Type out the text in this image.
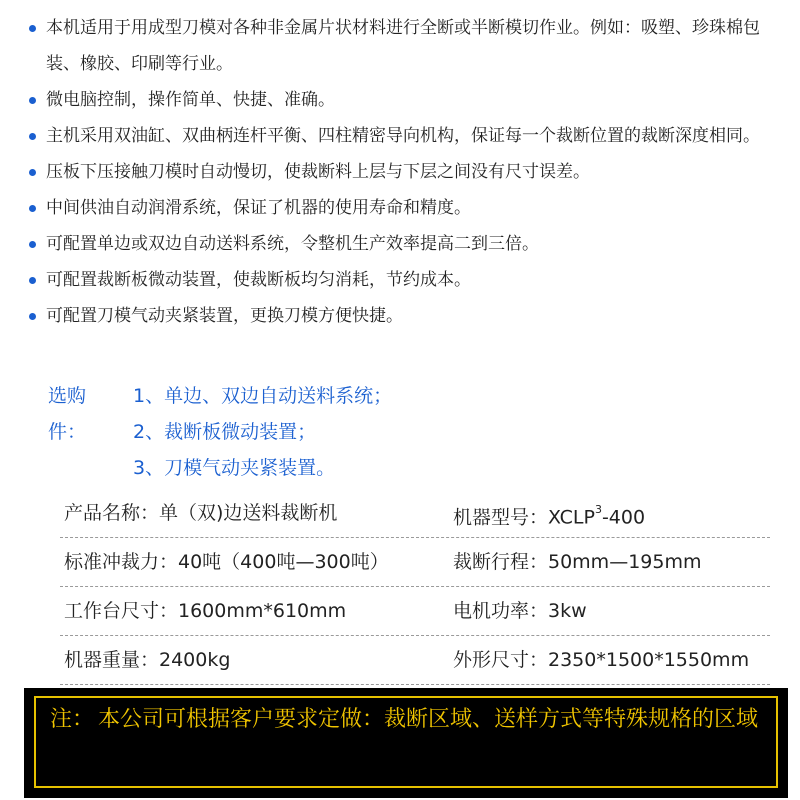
本机适用于用成型刀模对各种非金属片状材料进行全断或半断模切作业。例如：吸塑、珍珠棉包装、橡胶、印刷等行业。
微电脑控制，操作简单、快捷、准确。
主机采用双油缸、双曲柄连杆平衡、四柱精密导向机构，保证每一个裁断位置的裁断深度相同。
压板下压接触刀模时自动慢切，使裁断料上层与下层之间没有尺寸误差。
中间供油自动润滑系统，保证了机器的使用寿命和精度。
可配置单边或双边自动送料系统，令整机生产效率提高二到三倍。
可配置裁断板微动装置，使裁断板均匀消耗，节约成本。
可配置刀模气动夹紧装置，更换刀模方便快捷。
选购件：
1、单边、双边自动送料系统；
2、裁断板微动装置；
3、刀模气动夹紧装置。
产品名称：单（双)边送料裁断机	机器型号：XCLP$^3$-400
标准冲裁力：40吨（400吨—300吨）	裁断行程：50mm—195mm
工作台尺寸：1600mm*610mm	电机功率：3kw
机器重量：2400kg	外形尺寸：2350*1500*1550mm
注： 本公司可根据客户要求定做：裁断区域、送样方式等特殊规格的区域
